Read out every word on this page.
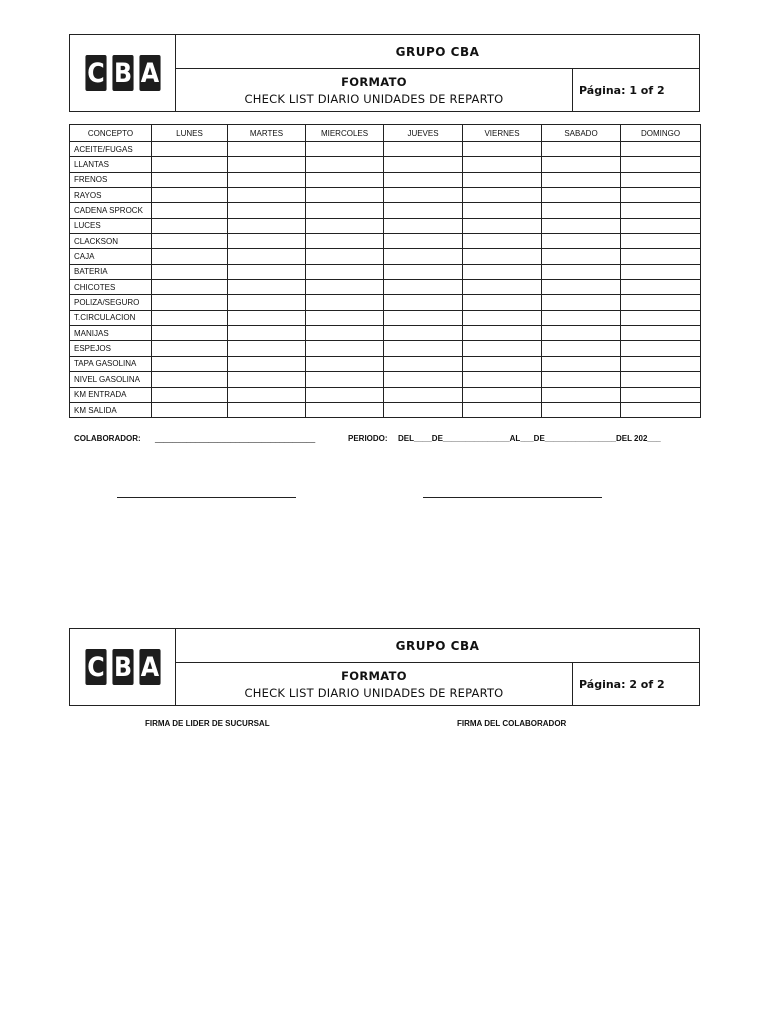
C B A
GRUPO CBA
FORMATO
CHECK LIST DIARIO UNIDADES DE REPARTO
Página: 1 of 2
CONCEPTO	LUNES	MARTES	MIERCOLES	JUEVES	VIERNES	SABADO	DOMINGO
ACEITE/FUGAS							
LLANTAS							
FRENOS							
RAYOS							
CADENA SPROCK							
LUCES							
CLACKSON							
CAJA							
BATERIA							
CHICOTES							
POLIZA/SEGURO							
T.CIRCULACION							
MANIJAS							
ESPEJOS							
TAPA GASOLINA							
NIVEL GASOLINA							
KM ENTRADA							
KM SALIDA							
COLABORADOR: ____________________________________	PERIODO: DEL____DE_______________AL___DE________________DEL 202___
C B A
GRUPO CBA
FORMATO
CHECK LIST DIARIO UNIDADES DE REPARTO
Página: 2 of 2
FIRMA DE LIDER DE SUCURSAL	FIRMA DEL COLABORADOR
